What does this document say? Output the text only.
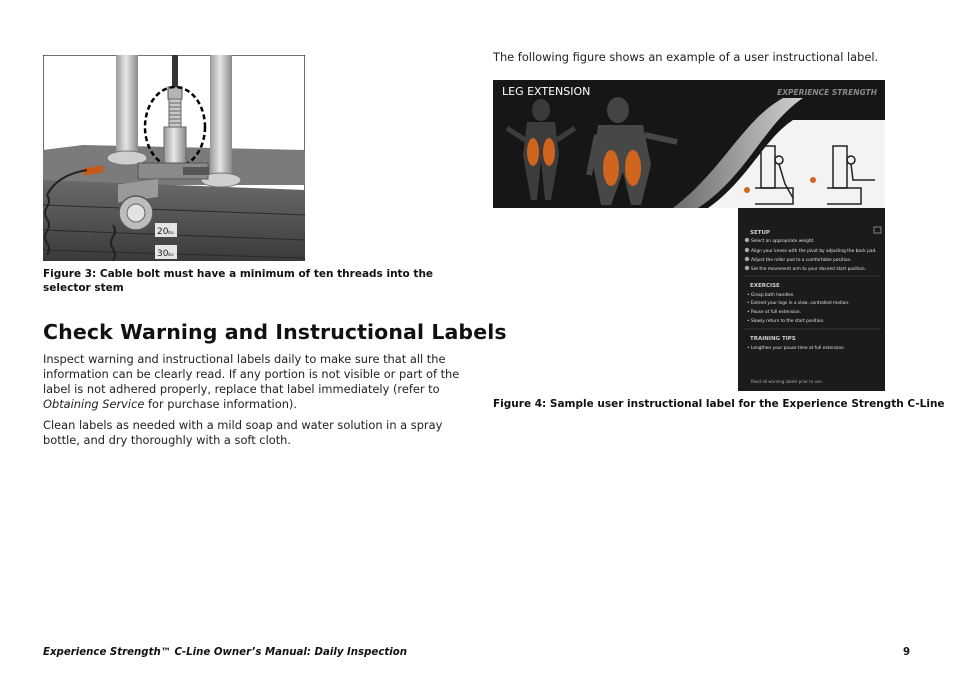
20 lbs
30 lbs
Figure 3: Cable bolt must have a minimum of ten threads into the selector stem
Check Warning and Instructional Labels

Inspect warning and instructional labels daily to make sure that all the information can be clearly read. If any portion is not visible or part of the label is not adhered properly, replace that label immediately (refer to Obtaining Service for purchase information).

Clean labels as needed with a mild soap and water solution in a spray bottle, and dry thoroughly with a soft cloth.

The following figure shows an example of a user instructional label.
LEG EXTENSION	EXPERIENCE STRENGTH
SETUP
Select an appropriate weight.
Align your knees with the pivot by adjusting the back pad.
Adjust the roller pad to a comfortable position.
Set the movement arm to your desired start position.
EXERCISE
• Grasp both handles.
• Extend your legs in a slow, controlled motion.
• Pause at full extension.
• Slowly return to the start position.
TRAINING TIPS
• Lengthen your pause time at full extension.
Read all warning labels prior to use.
Figure 4: Sample user instructional label for the Experience Strength C-Line
Experience Strength™ C-Line Owner’s Manual: Daily Inspection	9
